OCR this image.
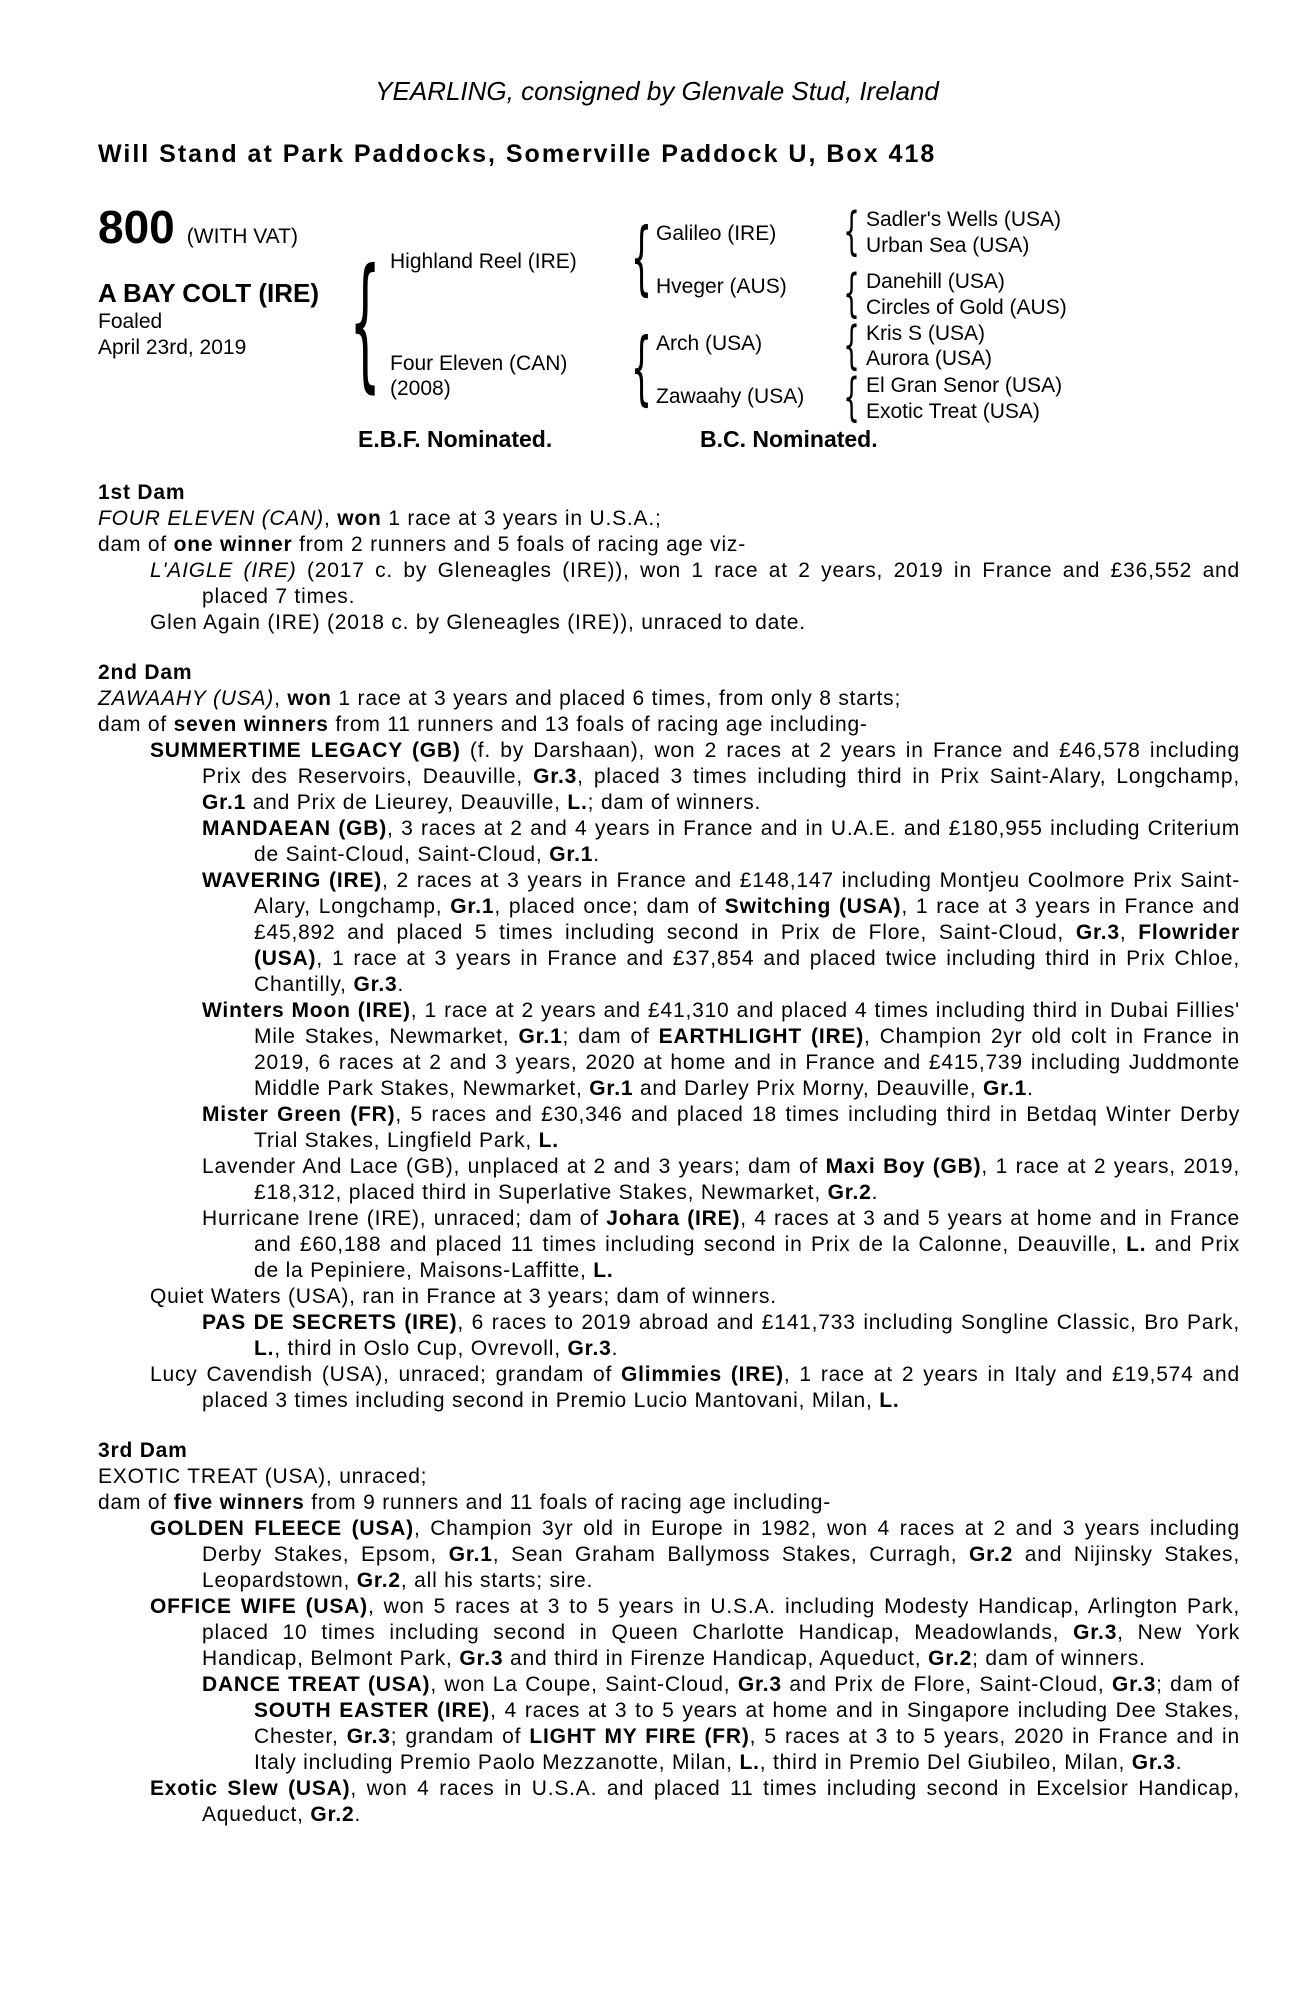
YEARLING, consigned by Glenvale Stud, Ireland
Will Stand at Park Paddocks, Somerville Paddock U, Box 418
800 (WITH VAT)
A BAY COLT (IRE)
Foaled
April 23rd, 2019 {	{
{
{
{
{
{
Highland Reel (IRE)
Four Eleven (CAN)
(2008)
Galileo (IRE)
Hveger (AUS)
Arch (USA)
Zawaahy (USA)
Sadler's Wells (USA)
Urban Sea (USA)
Danehill (USA)
Circles of Gold (AUS)
Kris S (USA)
Aurora (USA)
El Gran Senor (USA)
Exotic Treat (USA)
E.B.F. Nominated.	B.C. Nominated.
1st Dam

FOUR ELEVEN (CAN), won 1 race at 3 years in U.S.A.;

dam of one winner from 2 runners and 5 foals of racing age viz-

L'AIGLE (IRE) (2017 c. by Gleneagles (IRE)), won 1 race at 2 years, 2019 in France and £36,552 and placed 7 times.

Glen Again (IRE) (2018 c. by Gleneagles (IRE)), unraced to date.

2nd Dam

ZAWAAHY (USA), won 1 race at 3 years and placed 6 times, from only 8 starts;

dam of seven winners from 11 runners and 13 foals of racing age including-

SUMMERTIME LEGACY (GB) (f. by Darshaan), won 2 races at 2 years in France and £46,578 including Prix des Reservoirs, Deauville, Gr.3, placed 3 times including third in Prix Saint-Alary, Longchamp, Gr.1 and Prix de Lieurey, Deauville, L.; dam of winners.

MANDAEAN (GB), 3 races at 2 and 4 years in France and in U.A.E. and £180,955 including Criterium de Saint-Cloud, Saint-Cloud, Gr.1.

WAVERING (IRE), 2 races at 3 years in France and £148,147 including Montjeu Coolmore Prix Saint-Alary, Longchamp, Gr.1, placed once; dam of Switching (USA), 1 race at 3 years in France and £45,892 and placed 5 times including second in Prix de Flore, Saint-Cloud, Gr.3, Flowrider (USA), 1 race at 3 years in France and £37,854 and placed twice including third in Prix Chloe, Chantilly, Gr.3.

Winters Moon (IRE), 1 race at 2 years and £41,310 and placed 4 times including third in Dubai Fillies' Mile Stakes, Newmarket, Gr.1; dam of EARTHLIGHT (IRE), Champion 2yr old colt in France in 2019, 6 races at 2 and 3 years, 2020 at home and in France and £415,739 including Juddmonte Middle Park Stakes, Newmarket, Gr.1 and Darley Prix Morny, Deauville, Gr.1.

Mister Green (FR), 5 races and £30,346 and placed 18 times including third in Betdaq Winter Derby Trial Stakes, Lingfield Park, L.

Lavender And Lace (GB), unplaced at 2 and 3 years; dam of Maxi Boy (GB), 1 race at 2 years, 2019, £18,312, placed third in Superlative Stakes, Newmarket, Gr.2.

Hurricane Irene (IRE), unraced; dam of Johara (IRE), 4 races at 3 and 5 years at home and in France and £60,188 and placed 11 times including second in Prix de la Calonne, Deauville, L. and Prix de la Pepiniere, Maisons-Laffitte, L.

Quiet Waters (USA), ran in France at 3 years; dam of winners.

PAS DE SECRETS (IRE), 6 races to 2019 abroad and £141,733 including Songline Classic, Bro Park, L., third in Oslo Cup, Ovrevoll, Gr.3.

Lucy Cavendish (USA), unraced; grandam of Glimmies (IRE), 1 race at 2 years in Italy and £19,574 and placed 3 times including second in Premio Lucio Mantovani, Milan, L.

3rd Dam

EXOTIC TREAT (USA), unraced;

dam of five winners from 9 runners and 11 foals of racing age including-

GOLDEN FLEECE (USA), Champion 3yr old in Europe in 1982, won 4 races at 2 and 3 years including Derby Stakes, Epsom, Gr.1, Sean Graham Ballymoss Stakes, Curragh, Gr.2 and Nijinsky Stakes, Leopardstown, Gr.2, all his starts; sire.

OFFICE WIFE (USA), won 5 races at 3 to 5 years in U.S.A. including Modesty Handicap, Arlington Park, placed 10 times including second in Queen Charlotte Handicap, Meadowlands, Gr.3, New York Handicap, Belmont Park, Gr.3 and third in Firenze Handicap, Aqueduct, Gr.2; dam of winners.

DANCE TREAT (USA), won La Coupe, Saint-Cloud, Gr.3 and Prix de Flore, Saint-Cloud, Gr.3; dam of SOUTH EASTER (IRE), 4 races at 3 to 5 years at home and in Singapore including Dee Stakes, Chester, Gr.3; grandam of LIGHT MY FIRE (FR), 5 races at 3 to 5 years, 2020 in France and in Italy including Premio Paolo Mezzanotte, Milan, L., third in Premio Del Giubileo, Milan, Gr.3.

Exotic Slew (USA), won 4 races in U.S.A. and placed 11 times including second in Excelsior Handicap, Aqueduct, Gr.2.
